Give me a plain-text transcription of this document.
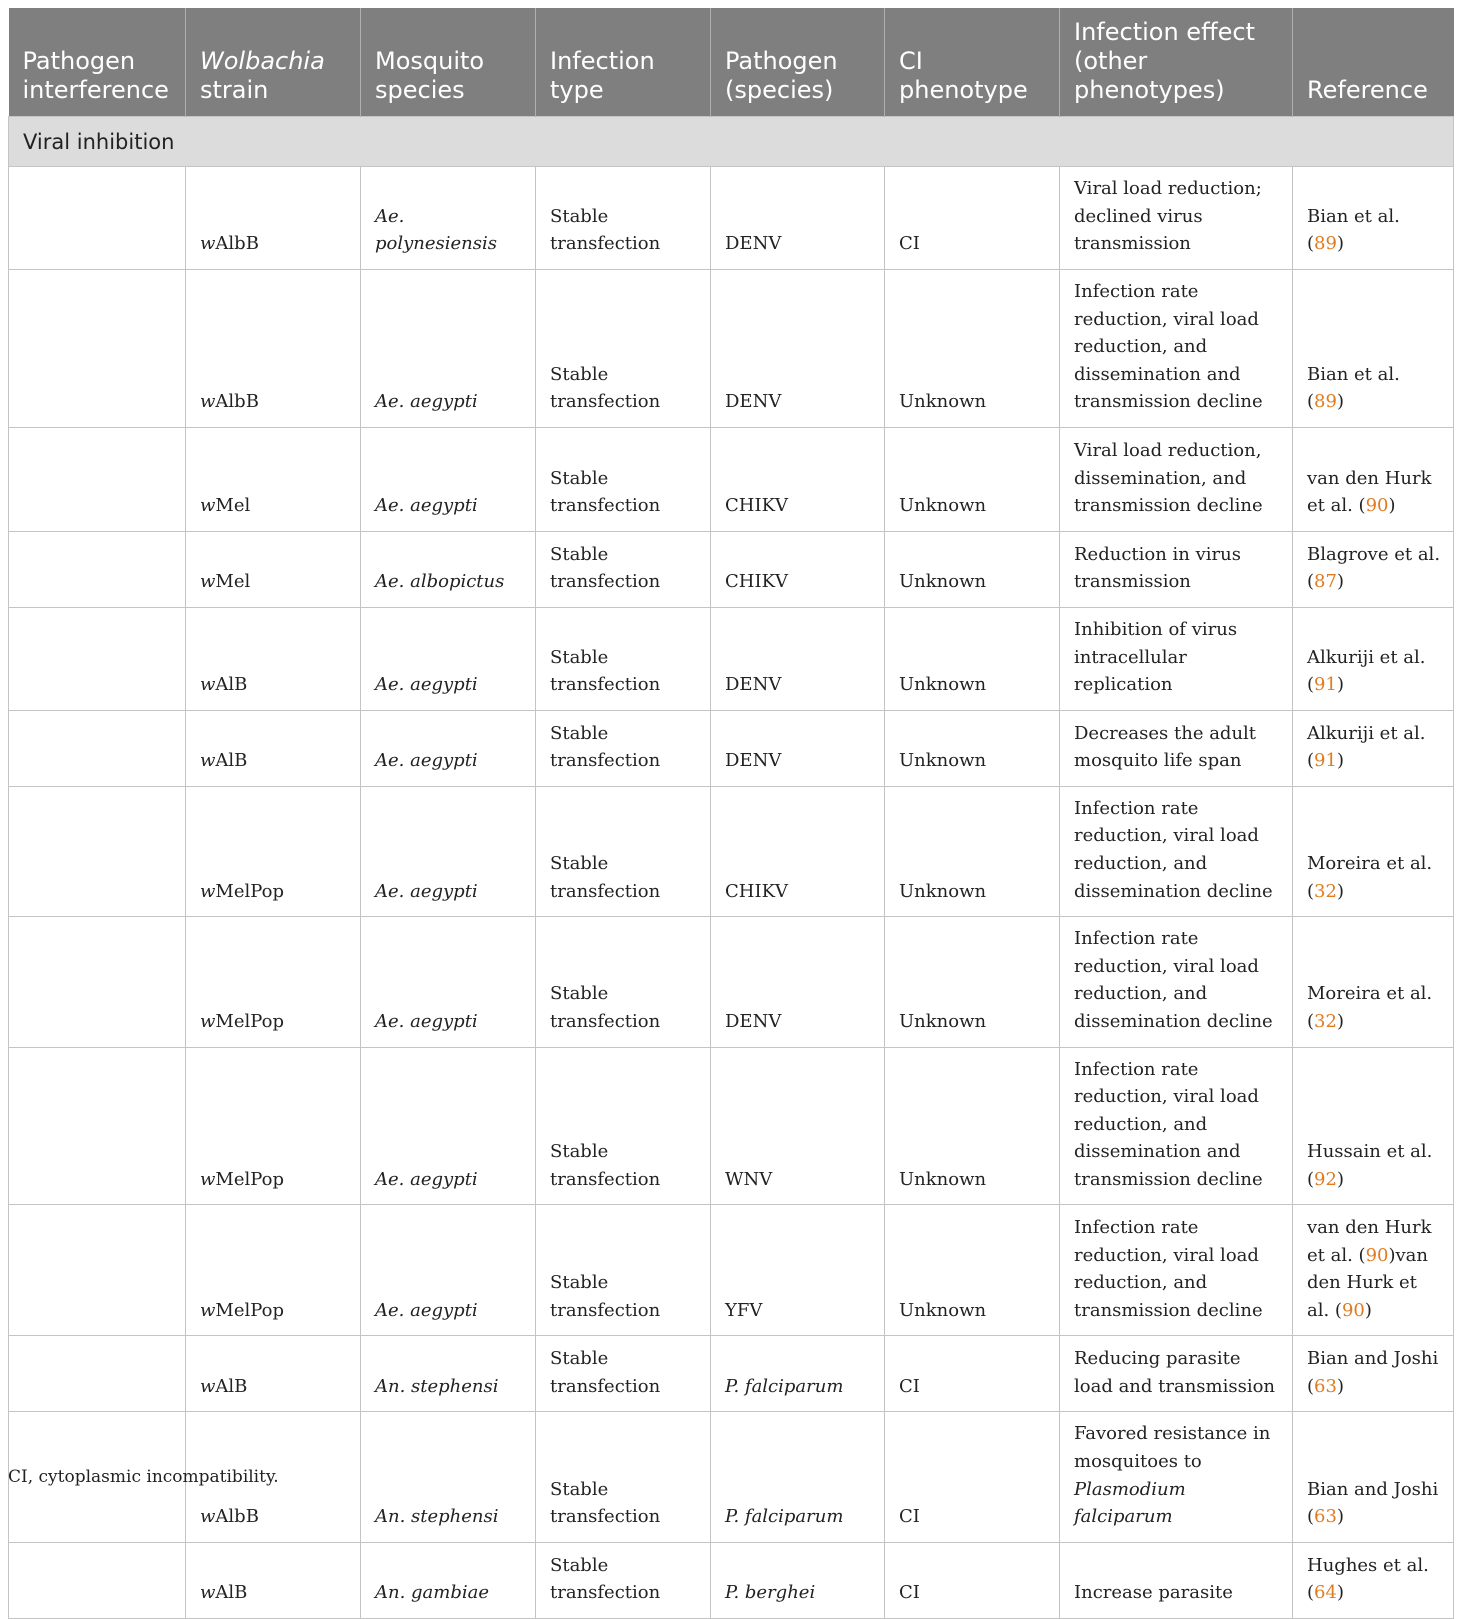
Pathogen interference	Wolbachia strain	Mosquito species	Infection type	Pathogen (species)	CI phenotype	Infection effect (other phenotypes)	Reference
Viral inhibition							
	wAlbB	Ae. polynesiensis	Stable transfection	DENV	CI	Viral load reduction; declined virus transmission	Bian et al. (89)
	wAlbB	Ae. aegypti	Stable transfection	DENV	Unknown	Infection rate reduction, viral load reduction, and dissemination and transmission decline	Bian et al. (89)
	wMel	Ae. aegypti	Stable transfection	CHIKV	Unknown	Viral load reduction, dissemination, and transmission decline	van den Hurk et al. (90)
	wMel	Ae. albopictus	Stable transfection	CHIKV	Unknown	Reduction in virus transmission	Blagrove et al. (87)
	wAlB	Ae. aegypti	Stable transfection	DENV	Unknown	Inhibition of virus intracellular replication	Alkuriji et al. (91)
	wAlB	Ae. aegypti	Stable transfection	DENV	Unknown	Decreases the adult mosquito life span	Alkuriji et al. (91)
	wMelPop	Ae. aegypti	Stable transfection	CHIKV	Unknown	Infection rate reduction, viral load reduction, and dissemination decline	Moreira et al. (32)
	wMelPop	Ae. aegypti	Stable transfection	DENV	Unknown	Infection rate reduction, viral load reduction, and dissemination decline	Moreira et al. (32)
	wMelPop	Ae. aegypti	Stable transfection	WNV	Unknown	Infection rate reduction, viral load reduction, and dissemination and transmission decline	Hussain et al. (92)
	wMelPop	Ae. aegypti	Stable transfection	YFV	Unknown	Infection rate reduction, viral load reduction, and transmission decline	van den Hurk et al. (90)van den Hurk et al. (90)
	wAlB	An. stephensi	Stable transfection	P. falciparum	CI	Reducing parasite load and transmission	Bian and Joshi (63)
	wAlbB	An. stephensi	Stable transfection	P. falciparum	CI	Favored resistance in mosquitoes to Plasmodium falciparum	Bian and Joshi (63)
	wAlB	An. gambiae	Stable transfection	P. berghei	CI	Increase parasite	Hughes et al. (64)
CI, cytoplasmic incompatibility.
